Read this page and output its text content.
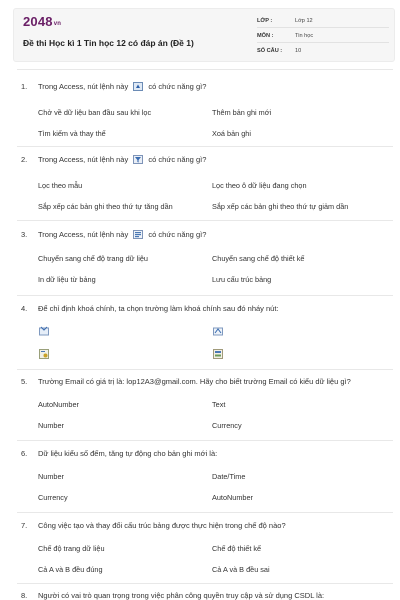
$2048_{vn}$
Đề thi Học kì 1 Tin học 12 có đáp án (Đề 1)
LỚP :	Lớp 12
MÔN :	Tin học
SỐ CÂU : 10
1. Trong Access, nút lệnh này	có chức năng gì?
Chở về dữ liệu ban đầu sau khi lọc	Thêm bản ghi mới
Tìm kiếm và thay thế	Xoá bản ghi
2. Trong Access, nút lệnh này	có chức năng gì?
Lọc theo mẫu	Lọc theo ô dữ liệu đang chọn
Sắp xếp các bản ghi theo thứ tự tăng dần	Sắp xếp các bản ghi theo thứ tự giảm dần
3. Trong Access, nút lệnh này	có chức năng gì?
Chuyển sang chế độ trang dữ liệu	Chuyển sang chế độ thiết kế
In dữ liệu từ bảng	Lưu cấu trúc bảng
4. Để chỉ định khoá chính, ta chọn trường làm khoá chính sau đó nháy nút:
5. Trường Email có giá trị là: lop12A3@gmail.com. Hãy cho biết trường Email có kiểu dữ liệu gì?
AutoNumber	Text
Number	Currency
6. Dữ liệu kiểu số đếm, tăng tự động cho bản ghi mới là:
Number	Date/Time
Currency	AutoNumber
7. Công việc tạo và thay đổi cấu trúc bảng được thực hiện trong chế độ nào?
Chế độ trang dữ liệu	Chế độ thiết kế
Cả A và B đều đúng	Cả A và B đều sai
8. Người có vai trò quan trọng trong việc phân công quyền truy cập và sử dụng CSDL là:
